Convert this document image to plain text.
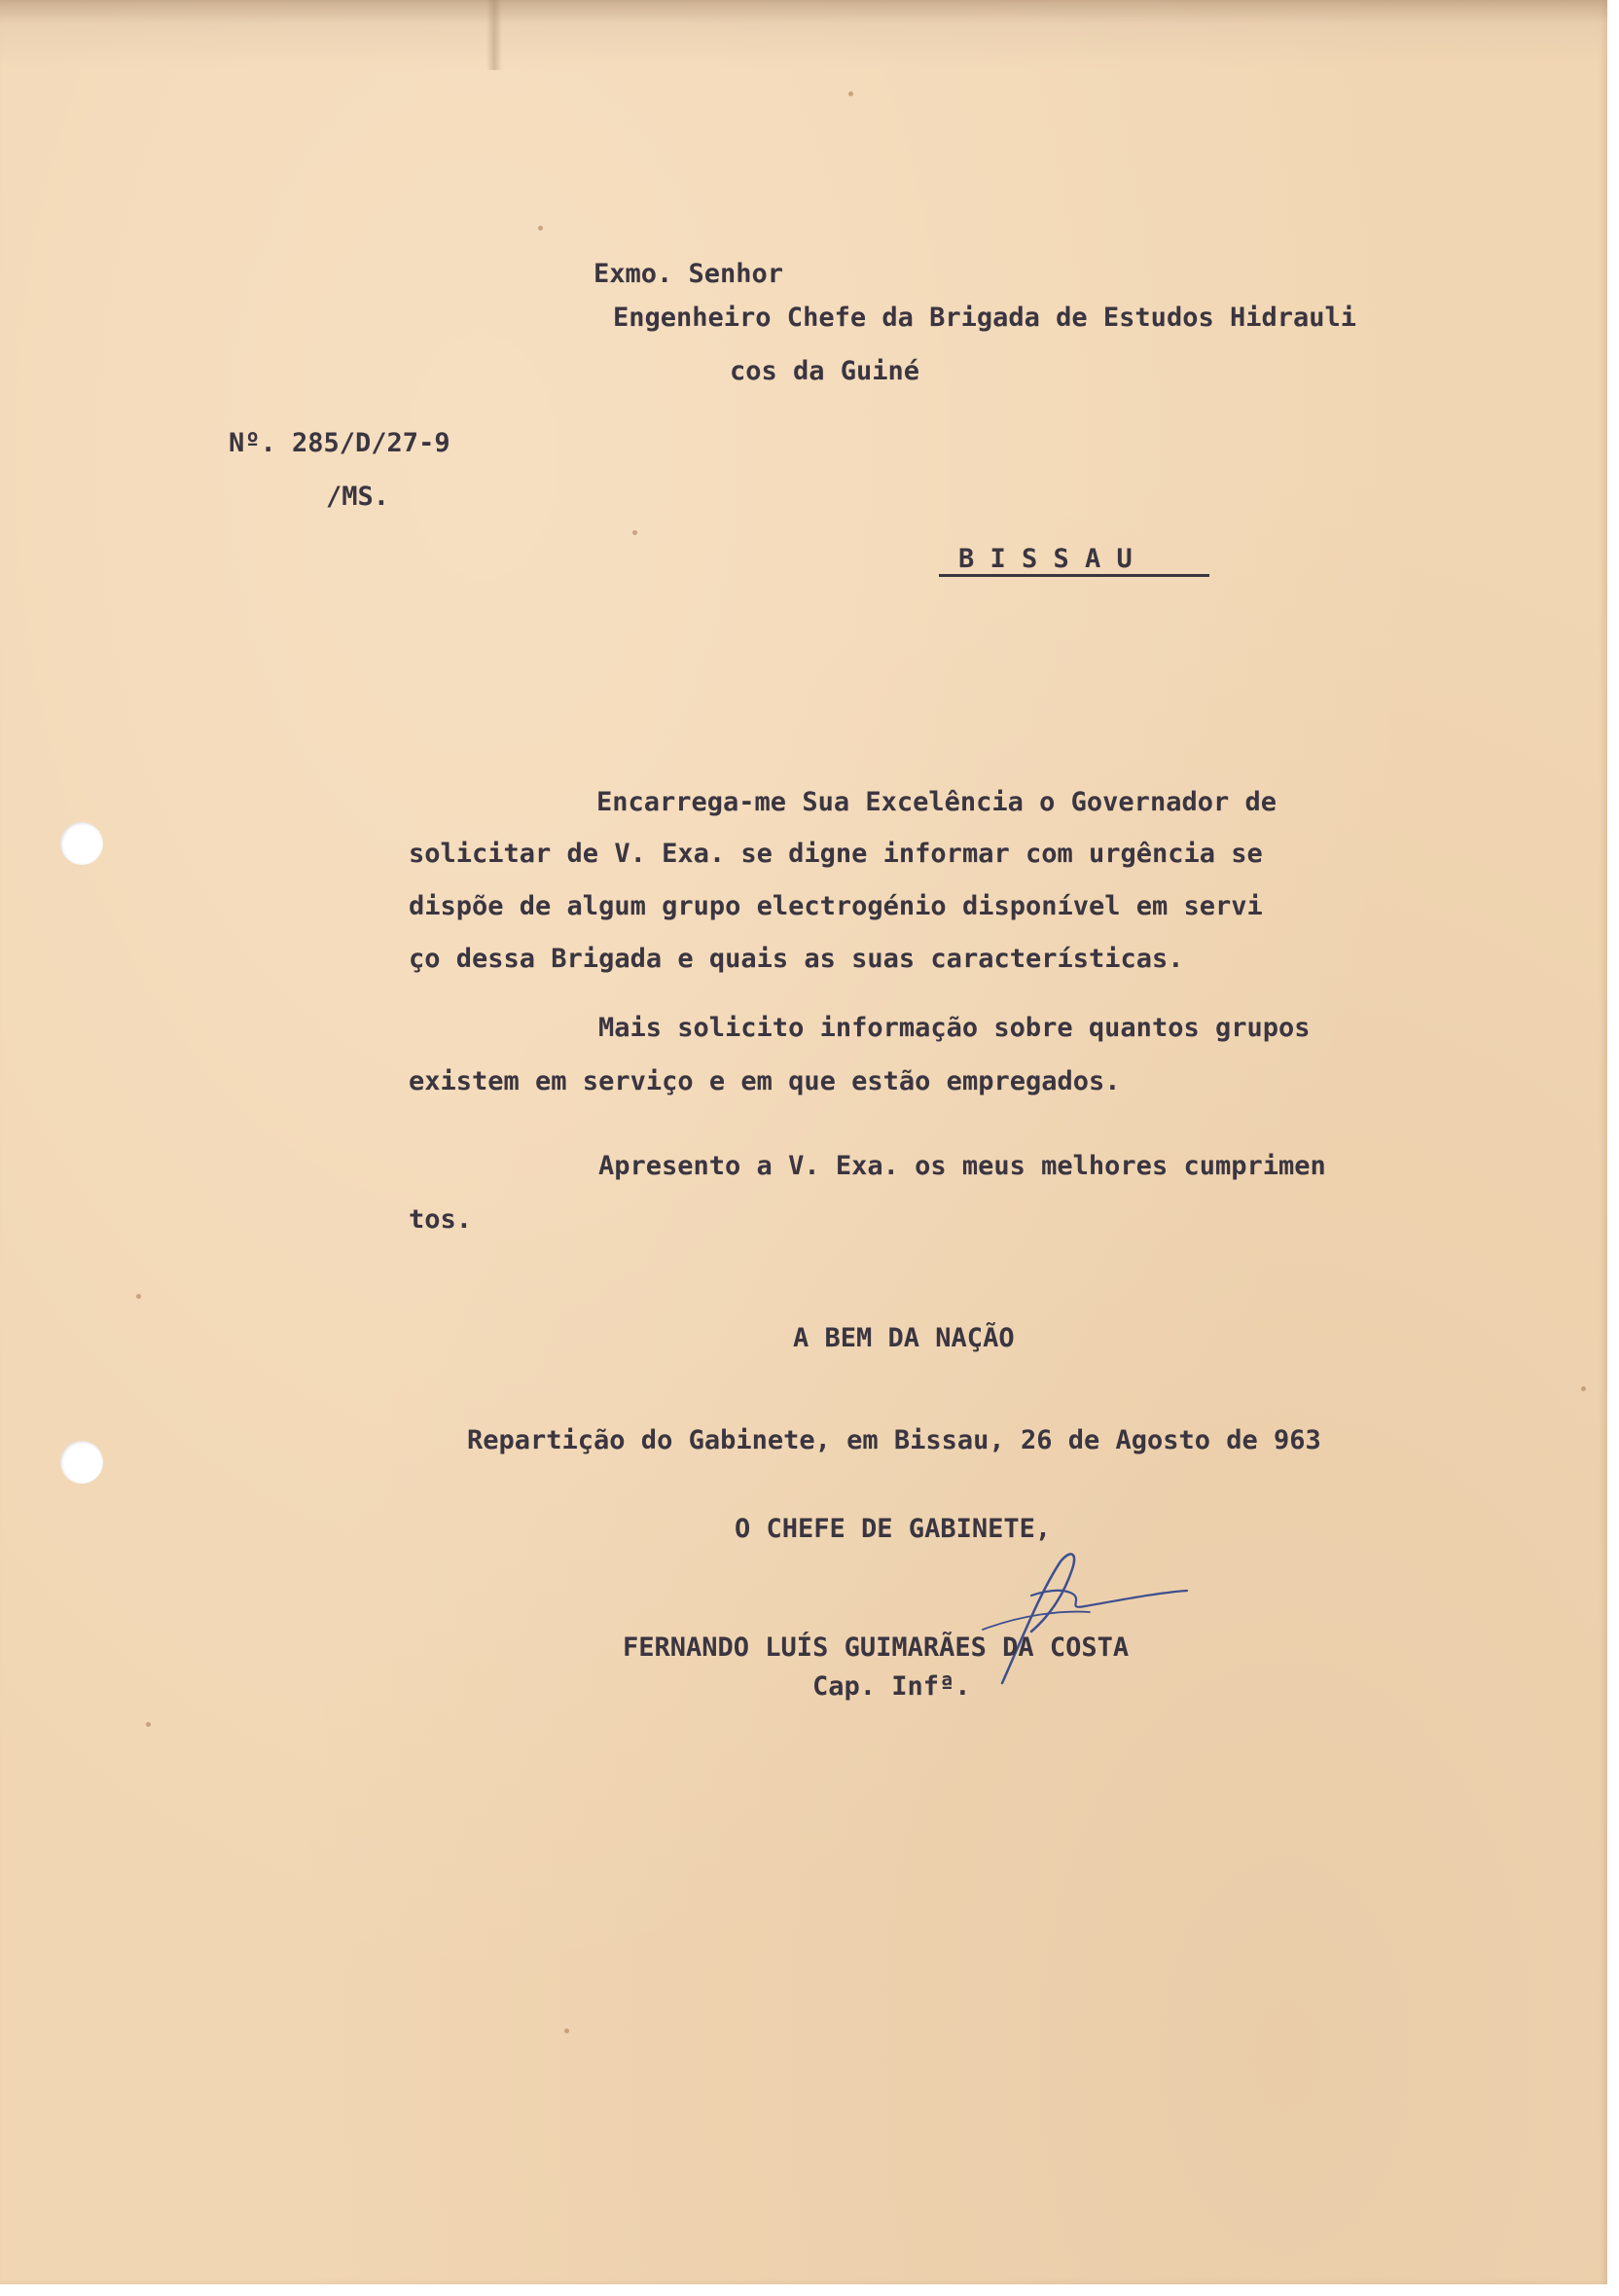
Exmo. Senhor

Engenheiro Chefe da Brigada de Estudos Hidrauli

cos da Guiné

Nº. 285/D/27-9

/MS.

B I S S A U

Encarrega-me Sua Excelência o Governador de

solicitar de V. Exa. se digne informar com urgência se

dispõe de algum grupo electrogénio disponível em servi

ço dessa Brigada e quais as suas características.

Mais solicito informação sobre quantos grupos

existem em serviço e em que estão empregados.

Apresento a V. Exa. os meus melhores cumprimen

tos.

A BEM DA NAÇÃO

Repartição do Gabinete, em Bissau, 26 de Agosto de 963

O CHEFE DE GABINETE,

FERNANDO LUÍS GUIMARÃES DA COSTA

Cap. Infª.
